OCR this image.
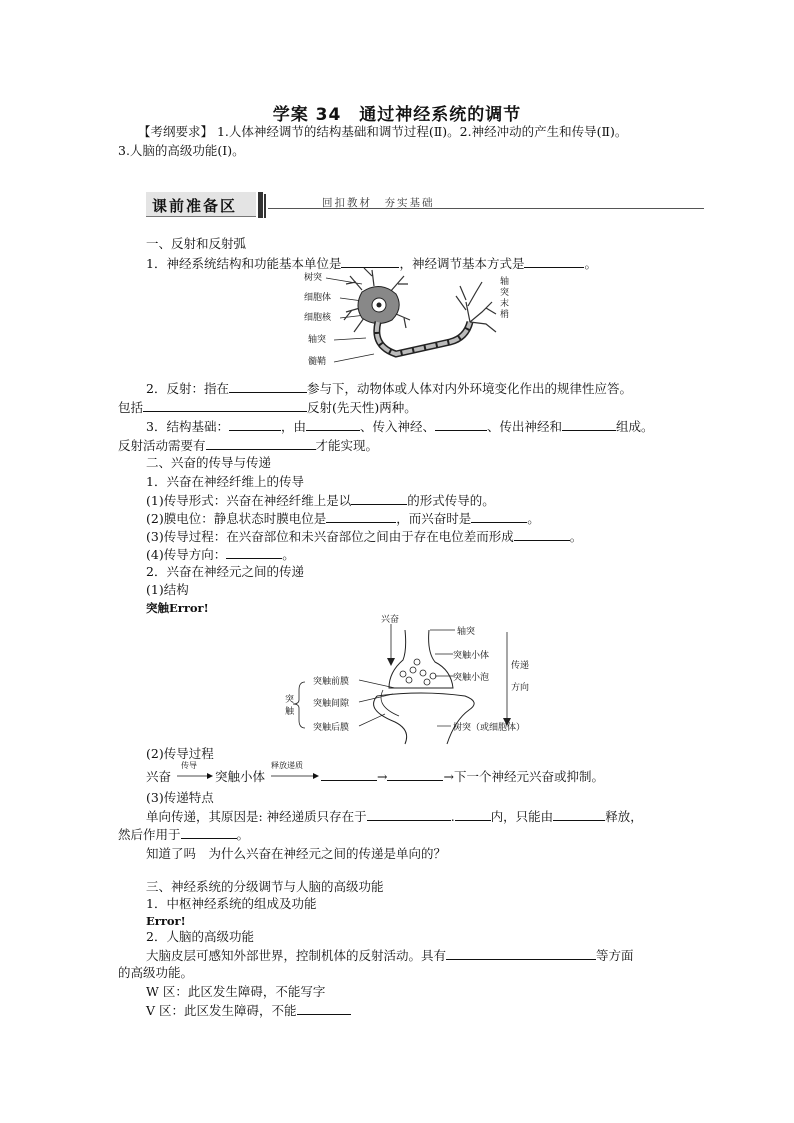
学案 34　通过神经系统的调节
【考纲要求】 1.人体神经调节的结构基础和调节过程(Ⅱ)。2.神经冲动的产生和传导(Ⅱ)。
3.人脑的高级功能(Ⅰ)。
课前准备区	回扣教材　夯实基础
一、反射和反射弧
1．神经系统结构和功能基本单位是	，神经调节基本方式是	。
树突
细胞体
细胞核
轴突
髓鞘
轴
突
末
梢
2．反射：指在	参与下，动物体或人体对内外环境变化作出的规律性应答。
包括	反射(先天性)两种。
3．结构基础：	，由	、传入神经、	、传出神经和	组成。
反射活动需要有	才能实现。
二、兴奋的传导与传递
1．兴奋在神经纤维上的传导
(1)传导形式：兴奋在神经纤维上是以	的形式传导的。
(2)膜电位：静息状态时膜电位是	，而兴奋时是	。
(3)传导过程：在兴奋部位和未兴奋部位之间由于存在电位差而形成	。
(4)传导方向：	。
2．兴奋在神经元之间的传递
(1)结构
突触Error!
兴奋
轴突
突触小体
突触小泡
传递
方向
突触前膜
突触间隙
突触后膜
突
触
树突（或细胞体）
(2)传导过程
兴奋
传导
突触小体
释放递质
→	→下一个神经元兴奋或抑制。
(3)传递特点
单向传递，其原因是: 神经递质只存在于	.	内，只能由	释放，
然后作用于	。
知道了吗　为什么兴奋在神经元之间的传递是单向的？
三、神经系统的分级调节与人脑的高级功能
1．中枢神经系统的组成及功能
Error!
2．人脑的高级功能
大脑皮层可感知外部世界，控制机体的反射活动。具有	等方面
的高级功能。
W 区：此区发生障碍，不能写字
V 区：此区发生障碍，不能
